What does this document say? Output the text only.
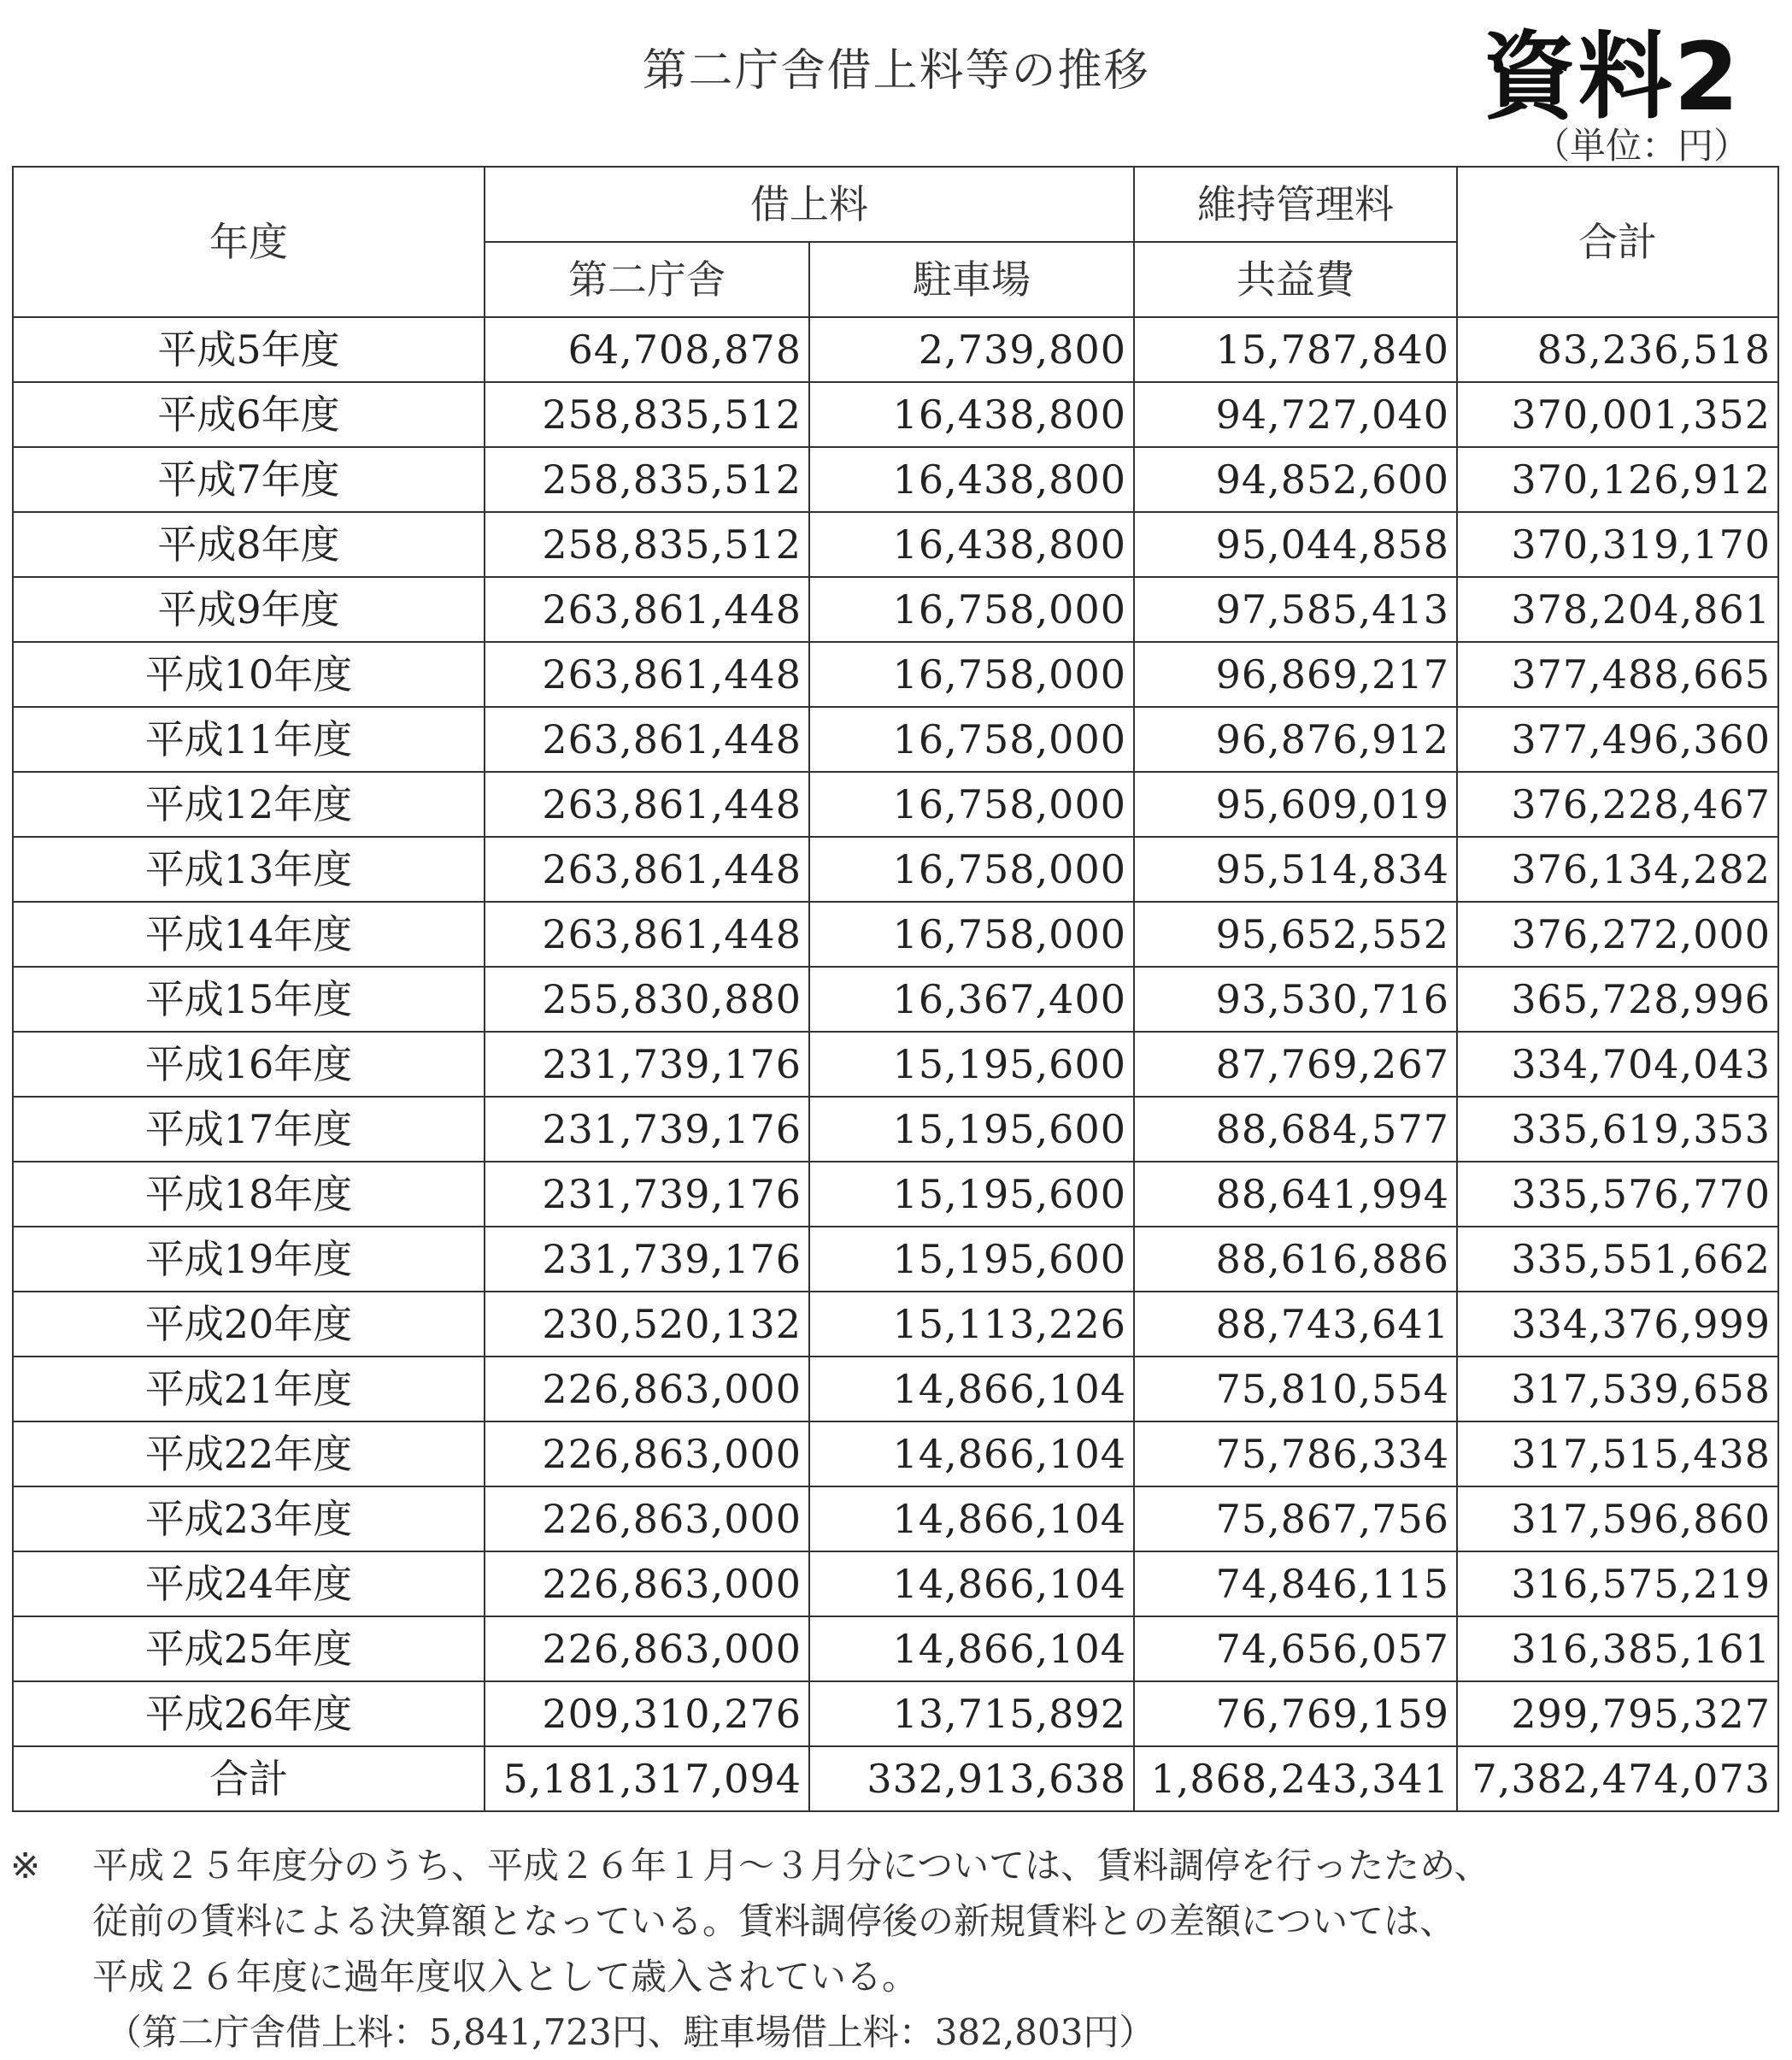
第二庁舎借上料等の推移	資料2
（単位：円）
年度	借上料		維持管理料	合計
	第二庁舎	駐車場	共益費	
平成5年度	64,708,878	2,739,800	15,787,840	83,236,518
平成6年度	258,835,512	16,438,800	94,727,040	370,001,352
平成7年度	258,835,512	16,438,800	94,852,600	370,126,912
平成8年度	258,835,512	16,438,800	95,044,858	370,319,170
平成9年度	263,861,448	16,758,000	97,585,413	378,204,861
平成10年度	263,861,448	16,758,000	96,869,217	377,488,665
平成11年度	263,861,448	16,758,000	96,876,912	377,496,360
平成12年度	263,861,448	16,758,000	95,609,019	376,228,467
平成13年度	263,861,448	16,758,000	95,514,834	376,134,282
平成14年度	263,861,448	16,758,000	95,652,552	376,272,000
平成15年度	255,830,880	16,367,400	93,530,716	365,728,996
平成16年度	231,739,176	15,195,600	87,769,267	334,704,043
平成17年度	231,739,176	15,195,600	88,684,577	335,619,353
平成18年度	231,739,176	15,195,600	88,641,994	335,576,770
平成19年度	231,739,176	15,195,600	88,616,886	335,551,662
平成20年度	230,520,132	15,113,226	88,743,641	334,376,999
平成21年度	226,863,000	14,866,104	75,810,554	317,539,658
平成22年度	226,863,000	14,866,104	75,786,334	317,515,438
平成23年度	226,863,000	14,866,104	75,867,756	317,596,860
平成24年度	226,863,000	14,866,104	74,846,115	316,575,219
平成25年度	226,863,000	14,866,104	74,656,057	316,385,161
平成26年度	209,310,276	13,715,892	76,769,159	299,795,327
合計	5,181,317,094	332,913,638	1,868,243,341	7,382,474,073
※	平成２５年度分のうち、平成２６年１月～３月分については、賃料調停を行ったため、
従前の賃料による決算額となっている。賃料調停後の新規賃料との差額については、
平成２６年度に過年度収入として歳入されている。
（第二庁舎借上料：5,841,723円、駐車場借上料：382,803円）
